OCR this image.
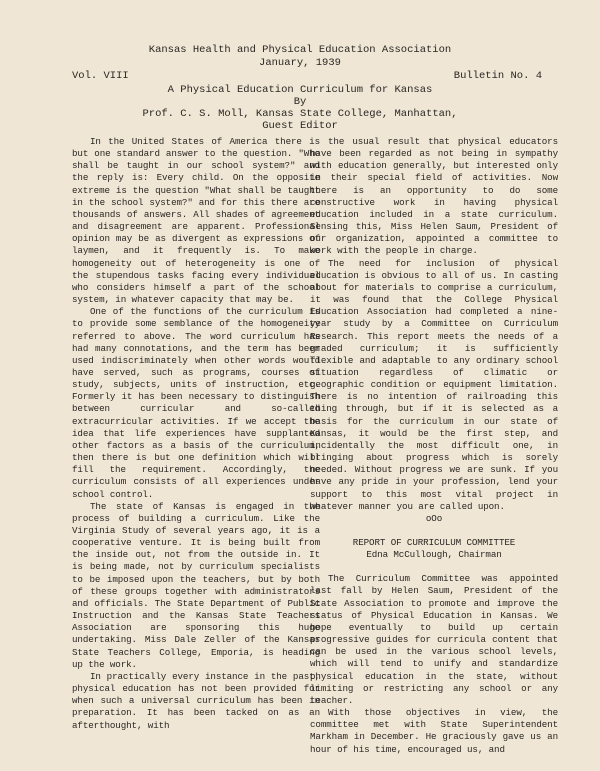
Kansas Health and Physical Education Association
January, 1939
Vol. VIII	Bulletin No. 4
A Physical Education Curriculum for Kansas
By
Prof. C. S. Moll, Kansas State College, Manhattan,
Guest Editor

In the United States of America there is but one standard answer to the question. "Who shall be taught in our school system?" and the reply is: Every child. On the opposite extreme is the question "What shall be taught in the school system?" and for this there are thousands of answers. All shades of agreement and disagreement are apparent. Professional opinion may be as divergent as expressions of laymen, and it frequently is. To make homogeneity out of heterogeneity is one of the stupendous tasks facing every individual who considers himself a part of the school system, in whatever capacity that may be.

One of the functions of the curriculum is to provide some semblance of the homogeneity referred to above. The word curriculum has had many connotations, and the term has been used indiscriminately when other words would have served, such as programs, courses of study, subjects, units of instruction, etc. Formerly it has been necessary to distinguish between curricular and so-called extracurricular activities. If we accept the idea that life experiences have supplanted other factors as a basis of the curriculum, then there is but one definition which will fill the requirement. Accordingly, the curriculum consists of all experiences under school control.

The state of Kansas is engaged in the process of building a curriculum. Like the Virginia Study of several years ago, it is a cooperative venture. It is being built from the inside out, not from the outside in. It is being made, not by curriculum specialists to be imposed upon the teachers, but by both of these groups together with administrators and officials. The State Department of Public Instruction and the Kansas State Teachers Association are sponsoring this huge undertaking. Miss Dale Zeller of the Kansas State Teachers College, Emporia, is heading up the work.

In practically every instance in the past, physical education has not been provided for when such a universal curriculum has been in preparation. It has been tacked on as an afterthought, with

the usual result that physical educators have been regarded as not being in sympathy with education generally, but interested only in their special field of activities. Now there is an opportunity to do some constructive work in having physical education included in a state curriculum. Sensing this, Miss Helen Saum, President of our organization, appointed a committee to work with the people in charge.

The need for inclusion of physical education is obvious to all of us. In casting about for materials to comprise a curriculum, it was found that the College Physical Education Association had completed a nine-year study by a Committee on Curriculum Research. This report meets the needs of a graded curriculum; it is sufficiently flexible and adaptable to any ordinary school situation regardless of climatic or geographic condition or equipment limitation. There is no intention of railroading this thing through, but if it is selected as a basis for the curriculum in our state of Kansas, it would be the first step, and incidentally the most difficult one, in bringing about progress which is sorely needed. Without progress we are sunk. If you have any pride in your profession, lend your support to this most vital project in whatever manner you are called upon.

oOo

REPORT OF CURRICULUM COMMITTEE

Edna McCullough, Chairman

The Curriculum Committee was appointed last fall by Helen Saum, President of the State Association to promote and improve the status of Physical Education in Kansas. We hope eventually to build up certain progressive guides for curricula content that can be used in the various school levels, which will tend to unify and standardize physical education in the state, without limiting or restricting any school or any teacher.

With those objectives in view, the committee met with State Superintendent Markham in December. He graciously gave us an hour of his time, encouraged us, and
